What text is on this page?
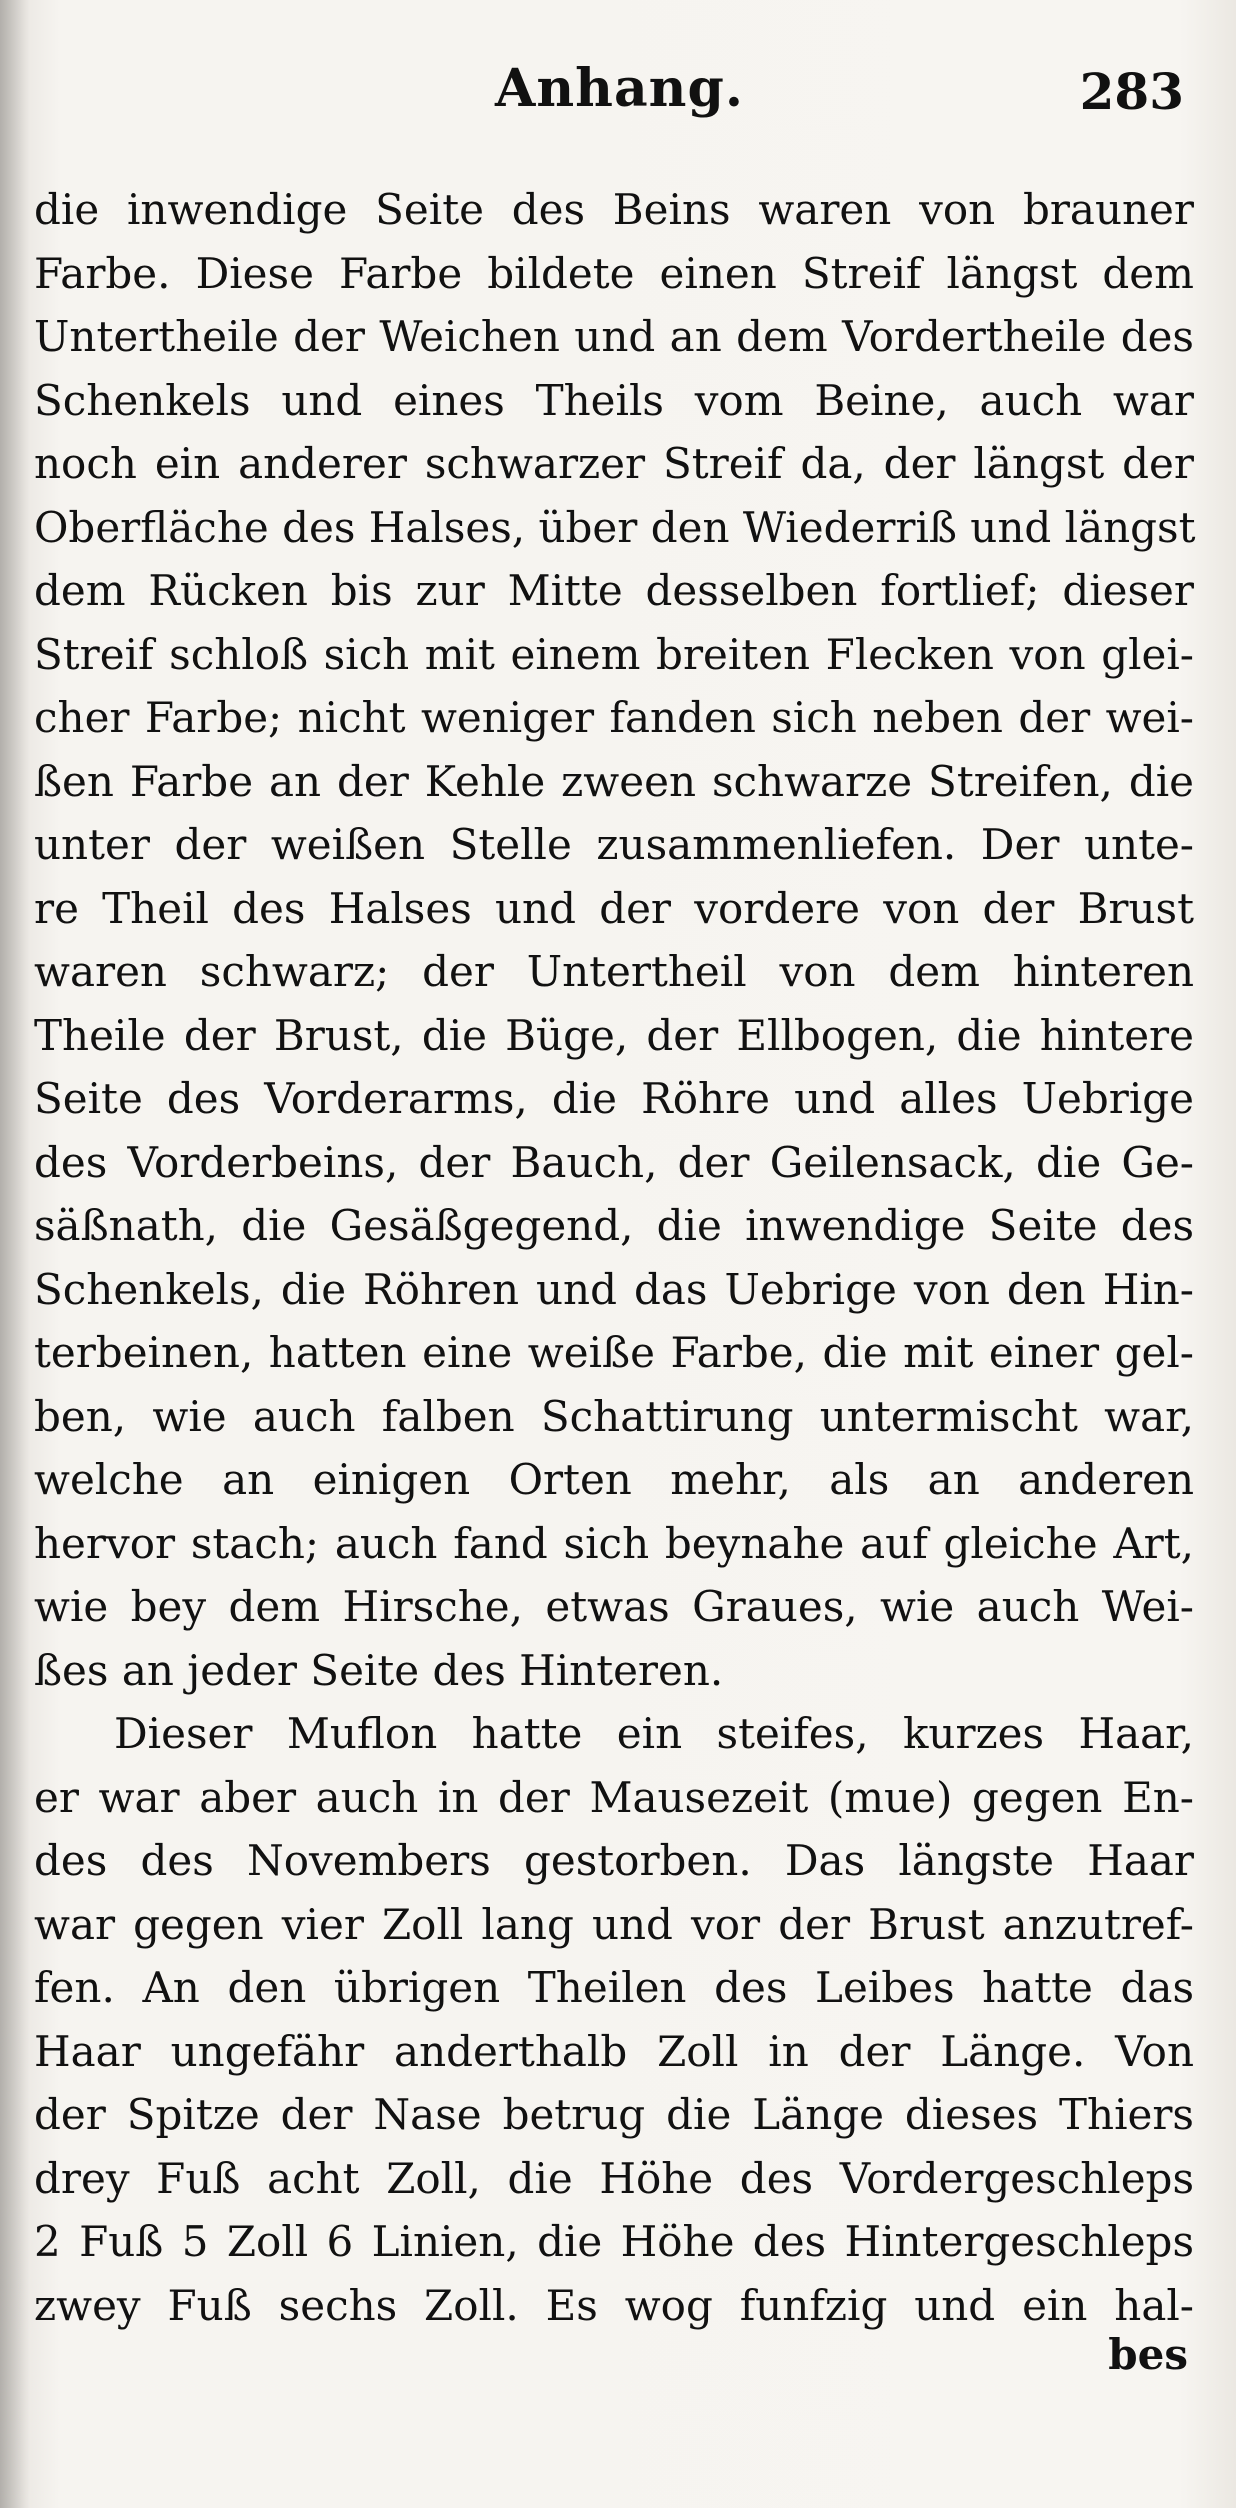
Anhang.	283
die inwendige Seite des Beins waren von brauner
Farbe. Diese Farbe bildete einen Streif längst dem
Untertheile der Weichen und an dem Vordertheile des
Schenkels und eines Theils vom Beine, auch war
noch ein anderer schwarzer Streif da, der längst der
Oberfläche des Halses, über den Wiederriß und längst
dem Rücken bis zur Mitte desselben fortlief; dieser
Streif schloß sich mit einem breiten Flecken von glei-
cher Farbe; nicht weniger fanden sich neben der wei-
ßen Farbe an der Kehle zween schwarze Streifen, die
unter der weißen Stelle zusammenliefen. Der unte-
re Theil des Halses und der vordere von der Brust
waren schwarz; der Untertheil von dem hinteren
Theile der Brust, die Büge, der Ellbogen, die hintere
Seite des Vorderarms, die Röhre und alles Uebrige
des Vorderbeins, der Bauch, der Geilensack, die Ge-
säßnath, die Gesäßgegend, die inwendige Seite des
Schenkels, die Röhren und das Uebrige von den Hin-
terbeinen, hatten eine weiße Farbe, die mit einer gel-
ben, wie auch falben Schattirung untermischt war,
welche an einigen Orten mehr, als an anderen
hervor stach; auch fand sich beynahe auf gleiche Art,
wie bey dem Hirsche, etwas Graues, wie auch Wei-
ßes an jeder Seite des Hinteren.
Dieser Muflon hatte ein steifes, kurzes Haar,
er war aber auch in der Mausezeit (mue) gegen En-
des des Novembers gestorben. Das längste Haar
war gegen vier Zoll lang und vor der Brust anzutref-
fen. An den übrigen Theilen des Leibes hatte das
Haar ungefähr anderthalb Zoll in der Länge. Von
der Spitze der Nase betrug die Länge dieses Thiers
drey Fuß acht Zoll, die Höhe des Vordergeschleps
2 Fuß 5 Zoll 6 Linien, die Höhe des Hintergeschleps
zwey Fuß sechs Zoll. Es wog funfzig und ein hal-
bes
